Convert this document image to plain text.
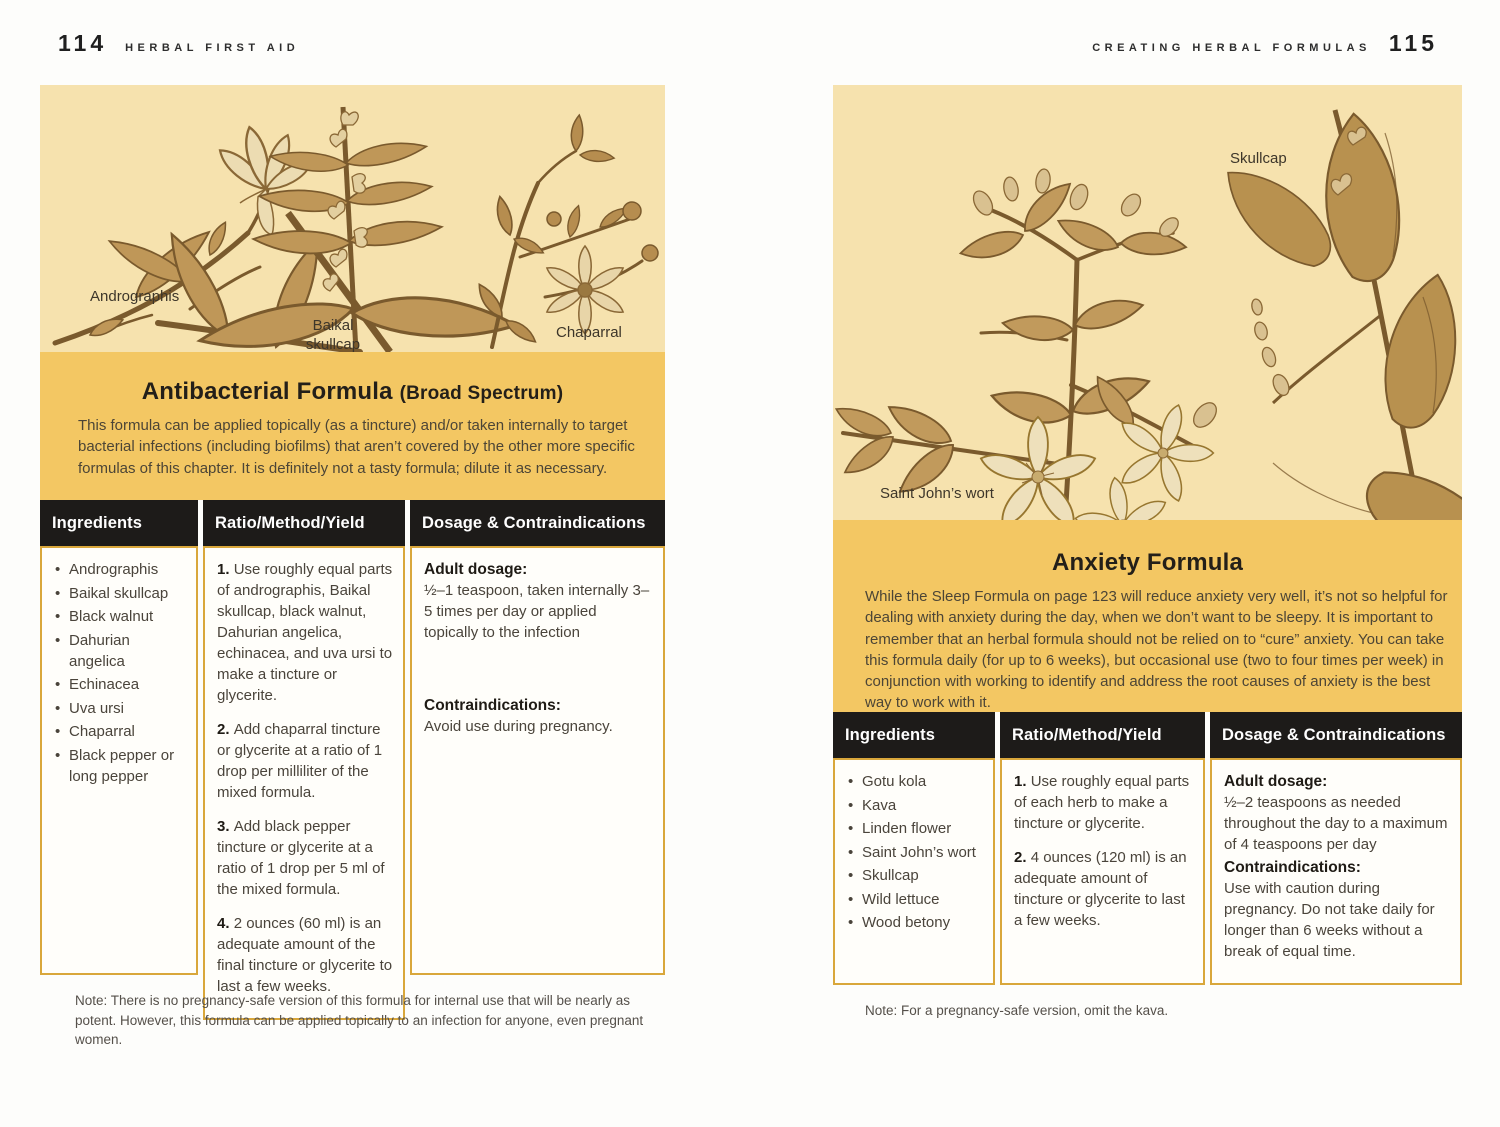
114 HERBAL FIRST AID	CREATING HERBAL FORMULAS 115
Andrographis
Baikal skullcap
Chaparral
Antibacterial Formula (Broad Spectrum)

This formula can be applied topically (as a tincture) and/or taken internally to target bacterial infections (including biofilms) that aren’t covered by the other more specific formulas of this chapter. It is definitely not a tasty formula; dilute it as necessary.

Ingredients
• Andrographis
• Baikal skullcap
• Black walnut
• Dahurian angelica
• Echinacea
• Uva ursi
• Chaparral
• Black pepper or long pepper
Ratio/Method/Yield

1. Use roughly equal parts of andrographis, Baikal skullcap, black walnut, Dahurian angelica, echinacea, and uva ursi to make a tincture or glycerite.

2. Add chaparral tincture or glycerite at a ratio of 1 drop per milliliter of the mixed formula.

3. Add black pepper tincture or glycerite at a ratio of 1 drop per 5 ml of the mixed formula.

4. 2 ounces (60 ml) is an adequate amount of the final tincture or glycerite to last a few weeks.

Dosage & Contraindications

Adult dosage:

½–1 teaspoon, taken internally 3–5 times per day or applied topically to the infection

Contraindications:

Avoid use during pregnancy.

Note: There is no pregnancy-safe version of this formula for internal use that will be nearly as potent. However, this formula can be applied topically to an infection for anyone, even pregnant women.

Skullcap
Saint John’s wort
Anxiety Formula

While the Sleep Formula on page 123 will reduce anxiety very well, it’s not so helpful for dealing with anxiety during the day, when we don’t want to be sleepy. It is important to remember that an herbal formula should not be relied on to “cure” anxiety. You can take this formula daily (for up to 6 weeks), but occasional use (two to four times per week) in conjunction with working to identify and address the root causes of anxiety is the best way to work with it.

Ingredients
• Gotu kola
• Kava
• Linden flower
• Saint John’s wort
• Skullcap
• Wild lettuce
• Wood betony
Ratio/Method/Yield

1. Use roughly equal parts of each herb to make a tincture or glycerite.

2. 4 ounces (120 ml) is an adequate amount of tincture or glycerite to last a few weeks.

Dosage & Contraindications

Adult dosage:

½–2 teaspoons as needed throughout the day to a maximum of 4 teaspoons per day

Contraindications:

Use with caution during pregnancy. Do not take daily for longer than 6 weeks without a break of equal time.

Note: For a pregnancy-safe version, omit the kava.
